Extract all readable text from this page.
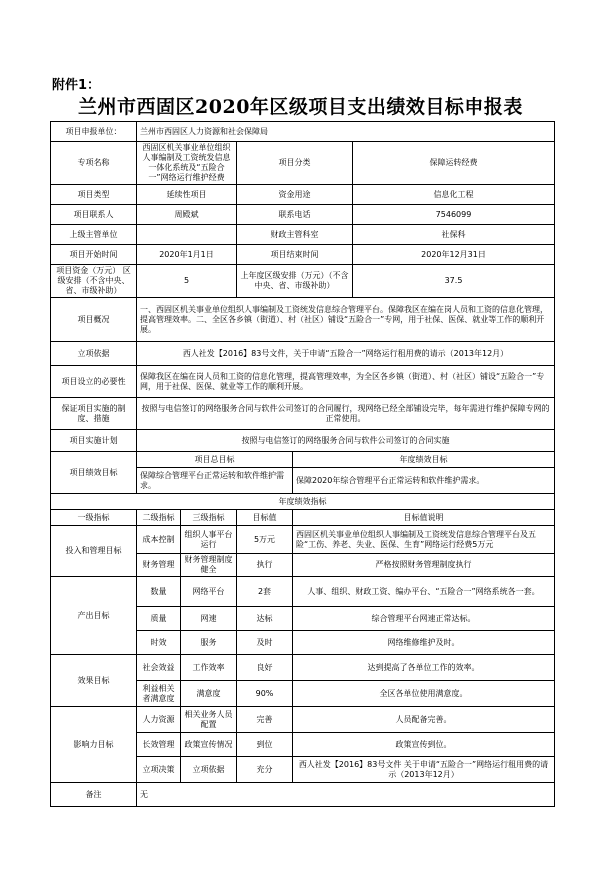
附件1：
兰州市西固区2020年区级项目支出绩效目标申报表
项目申报单位：	兰州市西固区人力资源和社会保障局				
专项名称	西固区机关事业单位组织人事编制及工资统发信息一体化系统及“五险合一”网络运行维护经费		项目分类		保障运转经费
项目类型	延续性项目		资金用途		信息化工程
项目联系人	周殿斌		联系电话		7546099
上级主管单位			财政主管科室		社保科
项目开始时间	2020年1月1日		项目结束时间		2020年12月31日
项目资金（万元） 区级安排（不含中央、省、市级补助）	5		上年度区级安排（万元）（不含中央、省、市级补助）		37.5
项目概况	一、西固区机关事业单位组织人事编制及工资统发信息综合管理平台。保障我区在编在岗人员和工资的信息化管理，提高管理效率。二、全区各乡镇（街道）、村（社区）铺设“五险合一”专网，用于社保、医保、就业等工作的顺利开展。				
立项依据	西人社发【2016】83号文件，关于申请“五险合一”网络运行租用费的请示（2013年12月）				
项目设立的必要性	保障我区在编在岗人员和工资的信息化管理，提高管理效率，为全区各乡镇（街道）、村（社区）铺设“五险合一”专网，用于社保、医保、就业等工作的顺利开展。				
保证项目实施的制度、措施	按照与电信签订的网络服务合同与软件公司签订的合同履行，现网络已经全部铺设完毕，每年需进行维护保障专网的正常使用。				
项目实施计划	按照与电信签订的网络服务合同与软件公司签订的合同实施				
项目绩效目标	项目总目标			年度绩效目标	
	保障综合管理平台正常运转和软件维护需求。			保障2020年综合管理平台正常运转和软件维护需求。	
年度绩效指标					
一级指标	二级指标	三级指标	目标值	目标值说明	
投入和管理目标	成本控制	组织人事平台运行	5万元	西固区机关事业单位组织人事编制及工资统发信息综合管理平台及五险“工伤、养老、失业、医保、生育”网络运行经费5万元	
	财务管理	财务管理制度健全	执行	严格按照财务管理制度执行	
产出目标	数量	网络平台	2套	人事、组织、财政工资、编办平台、“五险合一”网络系统各一套。	
	质量	网速	达标	综合管理平台网速正常达标。	
	时效	服务	及时	网络维修维护及时。	
效果目标	社会效益	工作效率	良好	达到提高了各单位工作的效率。	
	利益相关者满意度	满意度	90%	全区各单位使用满意度。	
影响力目标	人力资源	相关业务人员配置	完善	人员配备完善。	
	长效管理	政策宣传情况	到位	政策宣传到位。	
	立项决策	立项依据	充分	西人社发【2016】83号文件 关于申请“五险合一”网络运行租用费的请示（2013年12月）	
备注	无				
